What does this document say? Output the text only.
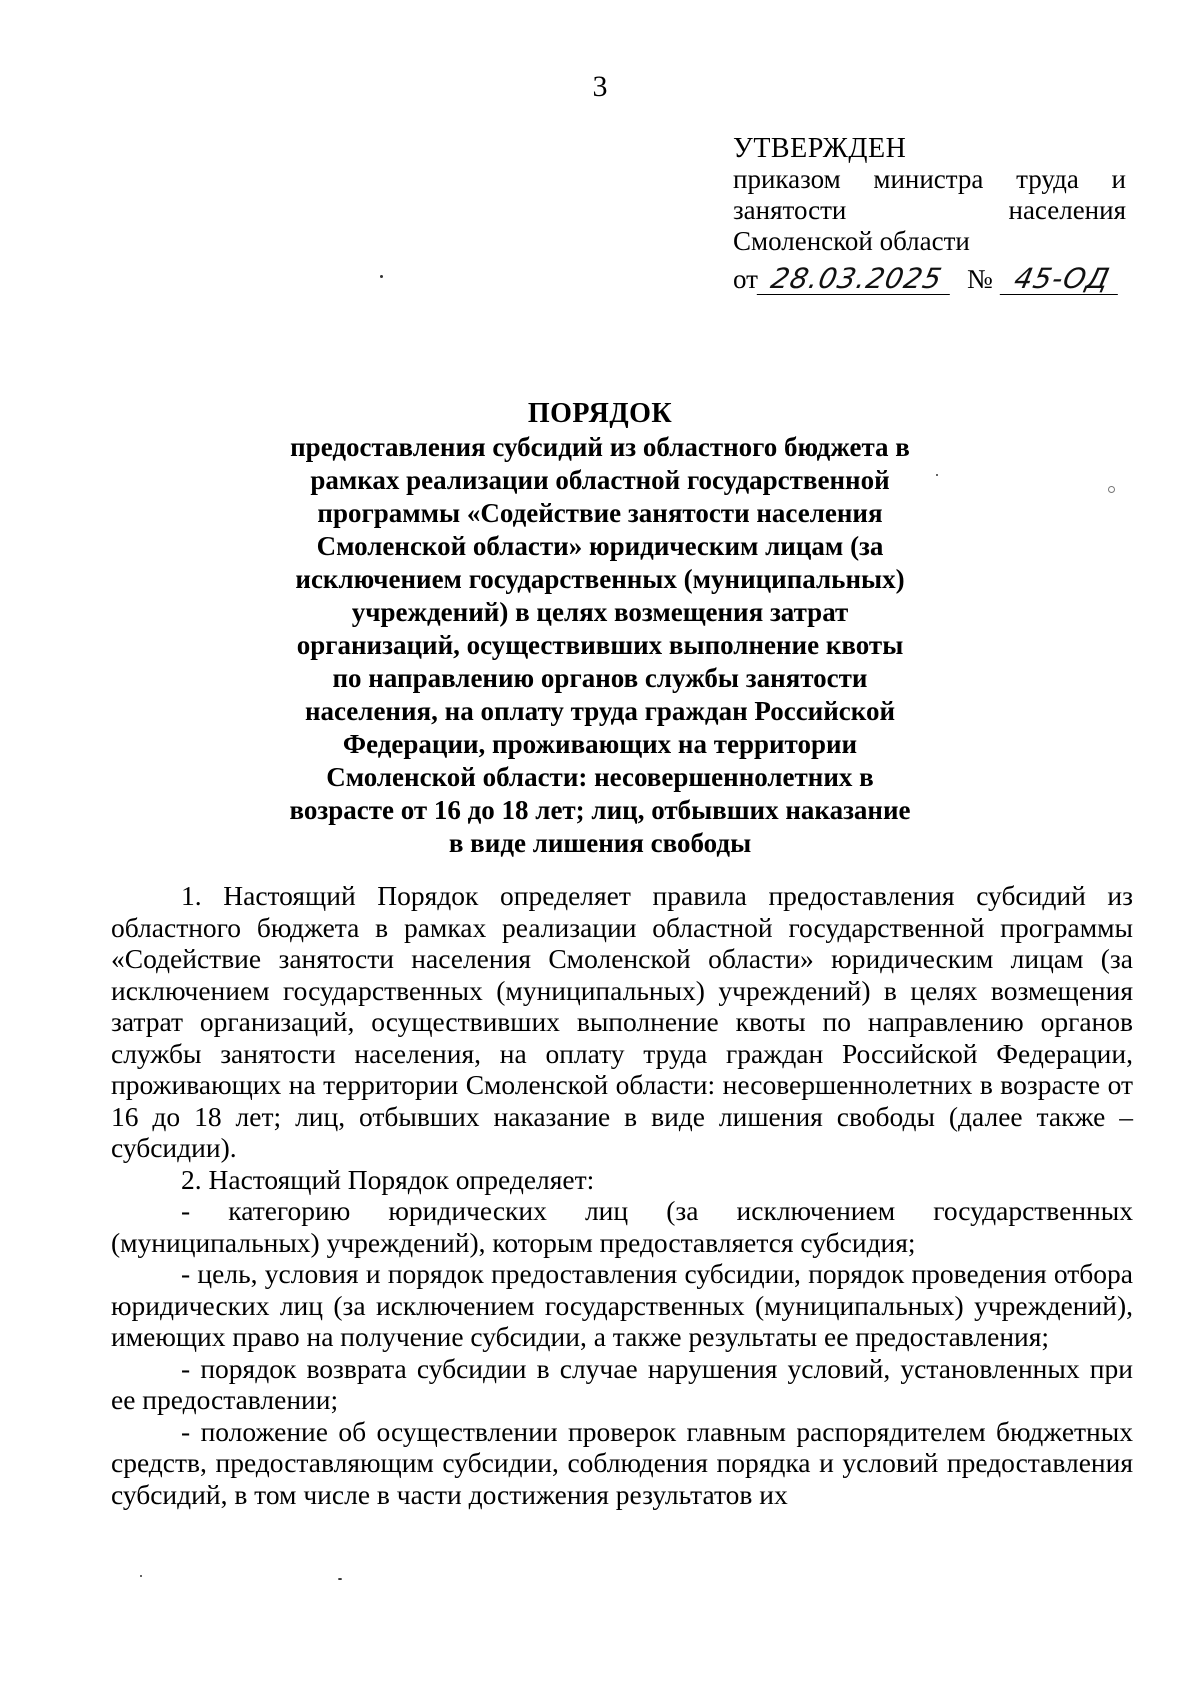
3
УТВЕРЖДЕН
приказом министра труда и
занятости населения
Смоленской области
от 28.03.2025 № 45-ОД
ПОРЯДОК
предоставления субсидий из областного бюджета в
рамках реализации областной государственной
программы «Содействие занятости населения
Смоленской области» юридическим лицам (за
исключением государственных (муниципальных)
учреждений) в целях возмещения затрат
организаций, осуществивших выполнение квоты
по направлению органов службы занятости
населения, на оплату труда граждан Российской
Федерации, проживающих на территории
Смоленской области: несовершеннолетних в
возрасте от 16 до 18 лет; лиц, отбывших наказание
в виде лишения свободы

1. Настоящий Порядок определяет правила предоставления субсидий из областного бюджета в рамках реализации областной государственной программы «Содействие занятости населения Смоленской области» юридическим лицам (за исключением государственных (муниципальных) учреждений) в целях возмещения затрат организаций, осуществивших выполнение квоты по направлению органов службы занятости населения, на оплату труда граждан Российской Федерации, проживающих на территории Смоленской области: несовершеннолетних в возрасте от 16 до 18 лет; лиц, отбывших наказание в виде лишения свободы (далее также – субсидии).

2. Настоящий Порядок определяет:

- категорию юридических лиц (за исключением государственных (муниципальных) учреждений), которым предоставляется субсидия;

- цель, условия и порядок предоставления субсидии, порядок проведения отбора юридических лиц (за исключением государственных (муниципальных) учреждений), имеющих право на получение субсидии, а также результаты ее предоставления;

- порядок возврата субсидии в случае нарушения условий, установленных при ее предоставлении;

- положение об осуществлении проверок главным распорядителем бюджетных средств, предоставляющим субсидии, соблюдения порядка и условий предоставления субсидий, в том числе в части достижения результатов их
